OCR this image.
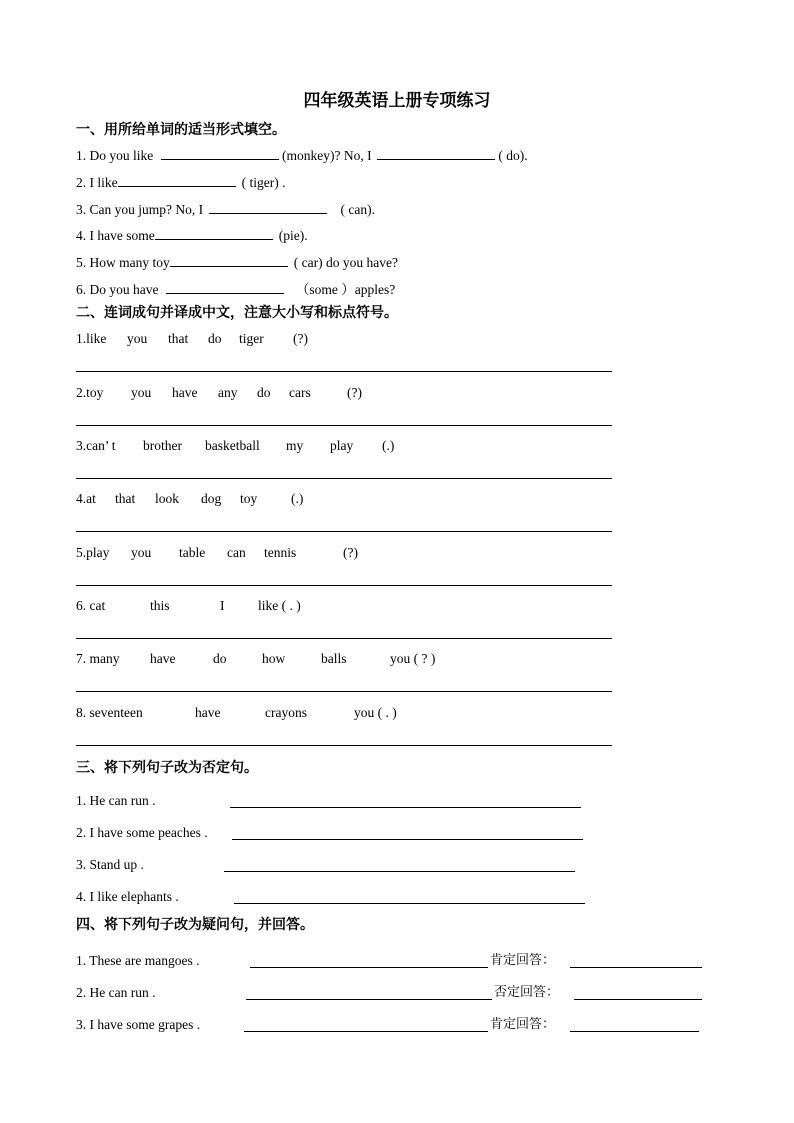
四年级英语上册专项练习
一、用所给单词的适当形式填空。
1. Do you like	(monkey)? No, I	( do).
2. I like	( tiger) .
3. Can you jump? No, I	( can).
4. I have some	(pie).
5. How many toy	( car) do you have?
6. Do you have	（some ）apples?
二、连词成句并译成中文，注意大小写和标点符号。
1.like you that do tiger (?)
2.toy you have any do cars	(?)
3.can’ t brother basketball my play (.)
4.at that look dog toy (.)
5.play you table can tennis	(?)
6. cat	this	I like ( . )
7. many have	do	how	balls	you ( ? )
8. seventeen	have	crayons	you ( . )
三、将下列句子改为否定句。
1. He can run .
2. I have some peaches .
3. Stand up .
4. I like elephants .
四、将下列句子改为疑问句，并回答。
1. These are mangoes .	肯定回答：
2. He can run .	否定回答：
3. I have some grapes .	肯定回答：
